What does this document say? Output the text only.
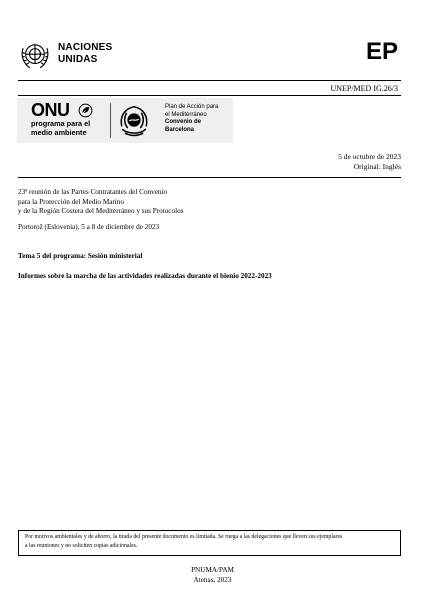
NACIONES
UNIDAS	EP
UNEP/MED IG.26/3
ONU
programa para el
medio ambiente
Plan de Acción para
el Mediterráneo
Convenio de
Barcelona
5 de octubre de 2023
Original: Inglés
23ª reunión de las Partes Contratantes del Convenio
para la Protección del Medio Marino
y de la Región Costera del Mediterráneo y sus Protocolos
Portorož (Eslovenia), 5 a 8 de diciembre de 2023
Tema 5 del programa: Sesión ministerial
Informes sobre la marcha de las actividades realizadas durante el bienio 2022-2023
Por motivos ambientales y de ahorro, la tirada del presente documento es limitada. Se ruega a las delegaciones que lleven sus ejemplares
a las reuniones y no soliciten copias adicionales.
PNUMA/PAM
Atenas, 2023
